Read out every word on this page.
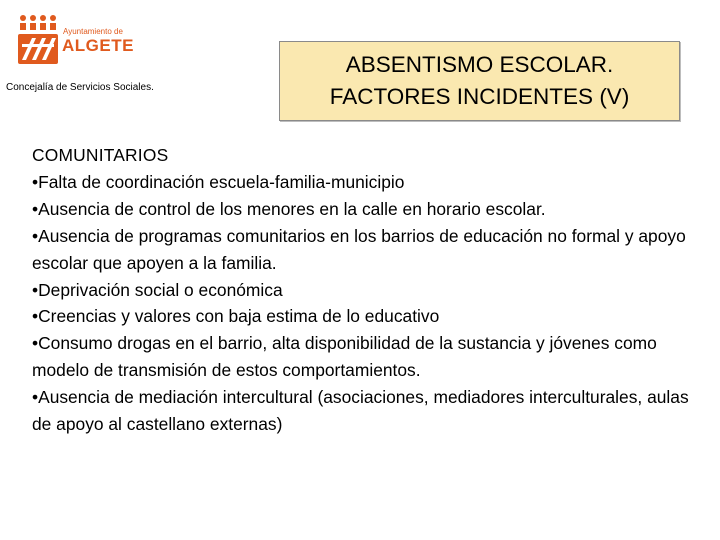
Ayuntamiento de
ALGETE
Concejalía de Servicios Sociales.
ABSENTISMO ESCOLAR.
FACTORES INCIDENTES (V)

COMUNITARIOS

•Falta de coordinación escuela-familia-municipio

•Ausencia de control de los menores en la calle en horario escolar.

•Ausencia de programas comunitarios en los barrios de educación no formal y apoyo escolar que apoyen a la familia.

•Deprivación social o económica

•Creencias y valores con baja estima de lo educativo

•Consumo drogas en el barrio, alta disponibilidad de la sustancia y jóvenes como modelo de transmisión de estos comportamientos.

•Ausencia de mediación intercultural (asociaciones, mediadores interculturales, aulas de apoyo al castellano externas)
